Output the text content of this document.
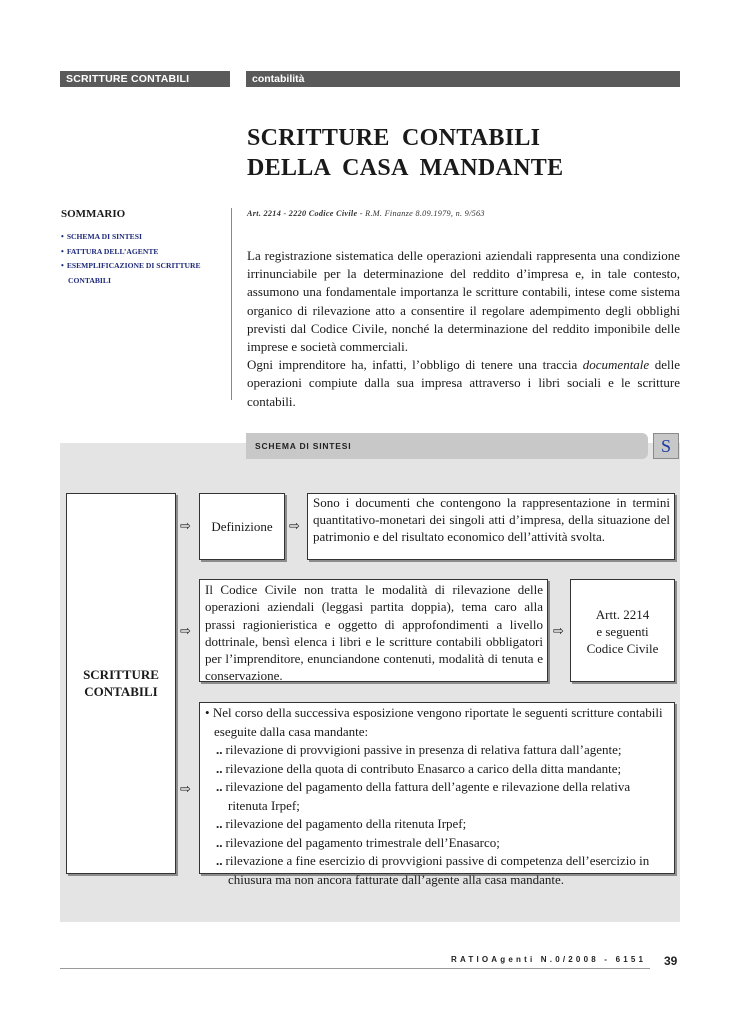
SCRITTURE CONTABILI	contabilità
SCRITTURE CONTABILI
DELLA CASA MANDANTE
SOMMARIO
• SCHEMA DI SINTESI
• FATTURA DELL’AGENTE
• ESEMPLIFICAZIONE DI SCRITTURE
CONTABILI
Art. 2214 - 2220 Codice Civile - R.M. Finanze 8.09.1979, n. 9/563

La registrazione sistematica delle operazioni aziendali rappresenta una condizione irrinunciabile per la determinazione del reddito d’impresa e, in tale contesto, assumono una fondamentale importanza le scritture contabili, intese come sistema organico di rilevazione atto a consentire il regolare adempimento degli obblighi previsti dal Codice Civile, nonché la determinazione del reddito imponibile delle imprese e società commerciali.

Ogni imprenditore ha, infatti, l’obbligo di tenere una traccia documentale delle operazioni compiute dalla sua impresa attraverso i libri sociali e le scritture contabili.

SCHEMA DI SINTESI	S
SCRITTURE
CONTABILI
⇨	Definizione	⇨
Sono i documenti che contengono la rappresentazione in termini quantitativo-monetari dei singoli atti d’impresa, della situazione del patrimonio e del risultato economico dell’attività svolta.
⇨
Il Codice Civile non tratta le modalità di rilevazione delle operazioni aziendali (leggasi partita doppia), tema caro alla prassi ragionieristica e oggetto di approfondimenti a livello dottrinale, bensì elenca i libri e le scritture contabili obbligatori per l’imprenditore, enunciandone contenuti, modalità di tenuta e conservazione.
⇨
Artt. 2214
e seguenti
Codice Civile
⇨
• Nel corso della successiva esposizione vengono riportate le seguenti scritture contabili eseguite dalla casa mandante:
.. rilevazione di provvigioni passive in presenza di relativa fattura dall’agente;
.. rilevazione della quota di contributo Enasarco a carico della ditta mandante;
.. rilevazione del pagamento della fattura dell’agente e rilevazione della relativa ritenuta Irpef;
.. rilevazione del pagamento della ritenuta Irpef;
.. rilevazione del pagamento trimestrale dell’Enasarco;
.. rilevazione a fine esercizio di provvigioni passive di competenza dell’esercizio in chiusura ma non ancora fatturate dall’agente alla casa mandante.
RATIOAgenti N.0/2008 - 6151 39
